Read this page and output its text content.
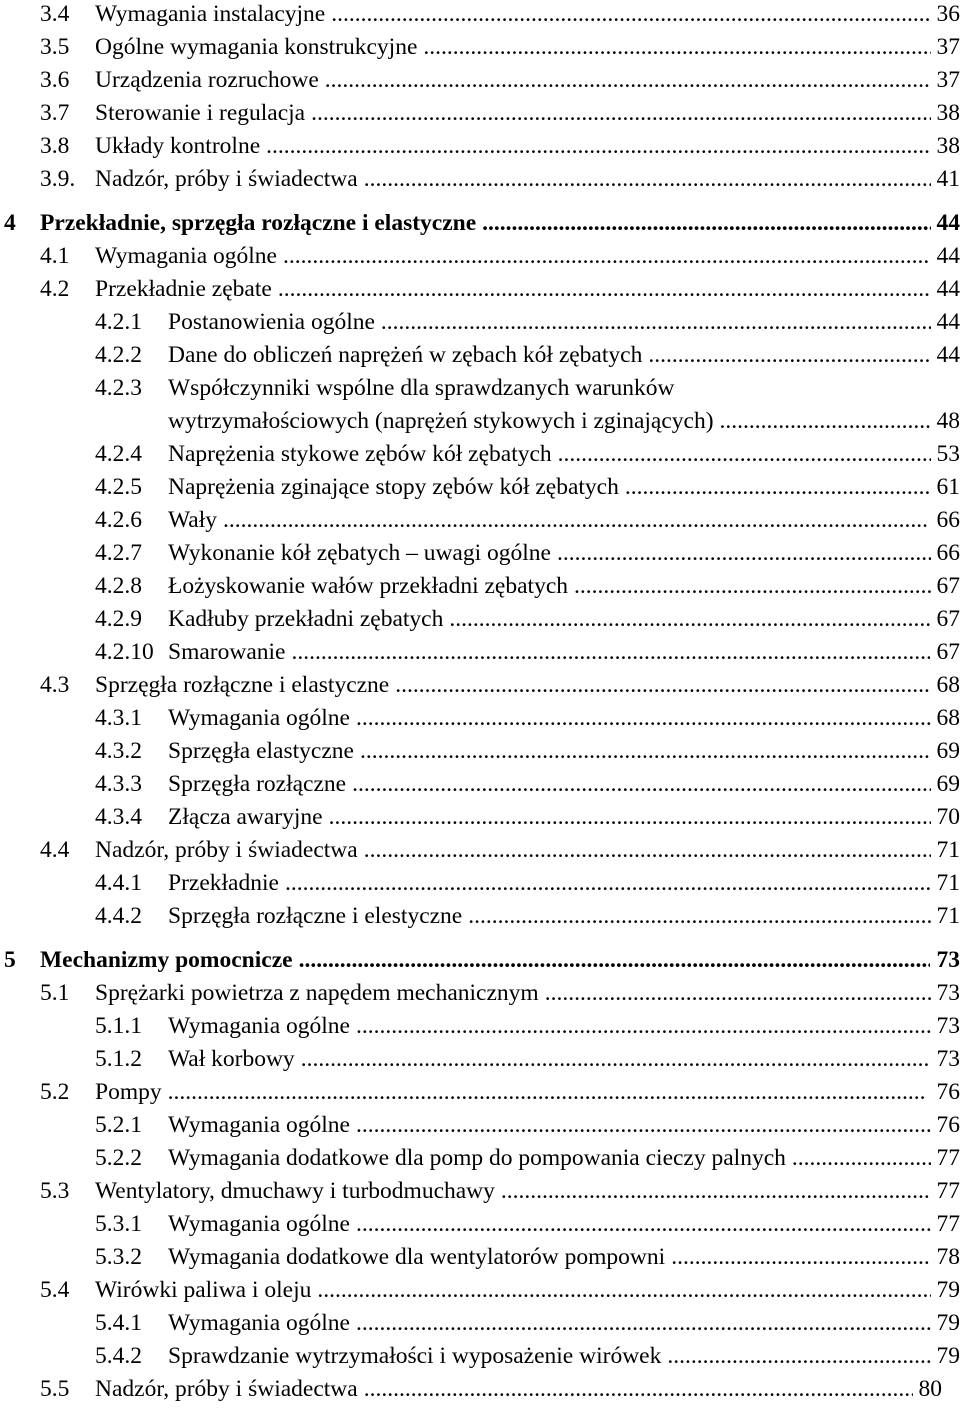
3.4 Wymagania instalacyjne .....	36
3.5 Ogólne wymagania konstrukcyjne .....	37
3.6 Urządzenia rozruchowe .....	37
3.7 Sterowanie i regulacja .....	38
3.8 Układy kontrolne .....	38
3.9. Nadzór, próby i świadectwa .....	41
4 Przekładnie, sprzęgła rozłączne i elastyczne .....	44
4.1 Wymagania ogólne .....	44
4.2 Przekładnie zębate .....	44
4.2.1 Postanowienia ogólne .....	44
4.2.2 Dane do obliczeń naprężeń w zębach kół zębatych .....	44
4.2.3 Współczynniki wspólne dla sprawdzanych warunków
wytrzymałościowych (naprężeń stykowych i zginających) .....	48
4.2.4 Naprężenia stykowe zębów kół zębatych .....	53
4.2.5 Naprężenia zginające stopy zębów kół zębatych .....	61
4.2.6 Wały .....	66
4.2.7 Wykonanie kół zębatych – uwagi ogólne .....	66
4.2.8 Łożyskowanie wałów przekładni zębatych .....	67
4.2.9 Kadłuby przekładni zębatych .....	67
4.2.10 Smarowanie .....	67
4.3 Sprzęgła rozłączne i elastyczne .....	68
4.3.1 Wymagania ogólne .....	68
4.3.2 Sprzęgła elastyczne .....	69
4.3.3 Sprzęgła rozłączne .....	69
4.3.4 Złącza awaryjne .....	70
4.4 Nadzór, próby i świadectwa .....	71
4.4.1 Przekładnie .....	71
4.4.2 Sprzęgła rozłączne i elestyczne .....	71
5 Mechanizmy pomocnicze .....	73
5.1 Sprężarki powietrza z napędem mechanicznym .....	73
5.1.1 Wymagania ogólne .....	73
5.1.2 Wał korbowy .....	73
5.2 Pompy .....	76
5.2.1 Wymagania ogólne .....	76
5.2.2 Wymagania dodatkowe dla pomp do pompowania cieczy palnych .....	77
5.3 Wentylatory, dmuchawy i turbodmuchawy .....	77
5.3.1 Wymagania ogólne .....	77
5.3.2 Wymagania dodatkowe dla wentylatorów pompowni .....	78
5.4 Wirówki paliwa i oleju .....	79
5.4.1 Wymagania ogólne .....	79
5.4.2 Sprawdzanie wytrzymałości i wyposażenie wirówek .....	79
5.5 Nadzór, próby i świadectwa .....	80
